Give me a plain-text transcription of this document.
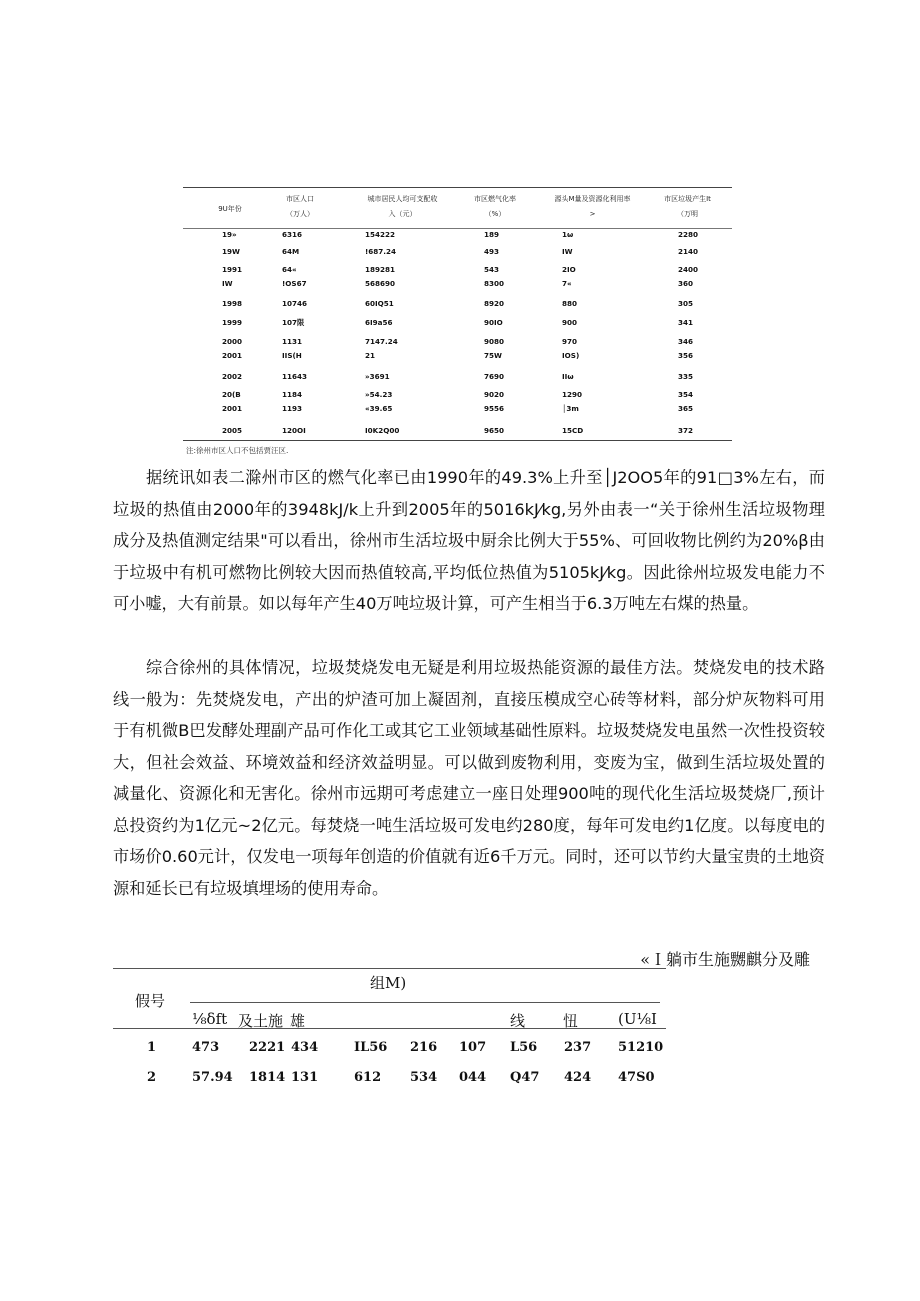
9U年份
市区人口
（万人）
城市居民人均可支配收
入（元）
市区燃气化率
（%）
源头M量及资源化利用率
>
市区垃圾产生It
（万明
19»	6316	154222	189	1ω	2280
19W	64M	!687.24	493	IW	2140
1991	64«	189281	543	2IO	2400
IW	!OS67	568690	8300	7«	360
1998	10746	60IQ51	8920	880	305
1999	107限	6I9a56	90IO	900	341
2000	1131	7147.24	9080	970	346
2001	IIS(H	21	75W	IOS)	356
2002	11643	»3691	7690	IIω	335
20(B	1184	»54.23	9020	1290	354
2001	1193	«39.65	9556	│3m	365
2005	120OI	I0K2Q00	9650	15CD	372
注:徐州市区人口不包括贾汪区.

据统讯如表二滁州市区的燃气化率已由1990年的49.3%上升至│J2OO5年的91□3%左右，而垃圾的热值由2000年的3948kJ/k上升到2005年的5016kJ⁄kg,另外由表一“关于徐州生活垃圾物理成分及热值测定结果"可以看出，徐州市生活垃圾中厨余比例大于55%、可回收物比例约为20%β由于垃圾中有机可燃物比例较大因而热值较高,平均低位热值为5105kJ⁄kg。因此徐州垃圾发电能力不可小嘘，大有前景。如以每年产生40万吨垃圾计算，可产生相当于6.3万吨左右煤的热量。

综合徐州的具体情况，垃圾焚烧发电无疑是利用垃圾热能资源的最佳方法。焚烧发电的技术路线一般为：先焚烧发电，产出的炉渣可加上凝固剂，直接压模成空心砖等材料，部分炉灰物料可用于有机微B巴发酵处理副产品可作化工或其它工业领域基础性原料。垃圾焚烧发电虽然一次性投资较大，但社会效益、环境效益和经济效益明显。可以做到废物利用，变废为宝，做到生活垃圾处置的减量化、资源化和无害化。徐州市远期可考虑建立一座日处理900吨的现代化生活垃圾焚烧厂,预计总投资约为1亿元~2亿元。每焚烧一吨生活垃圾可发电约280度，每年可发电约1亿度。以每度电的市场价0.60元计，仅发电一项每年创造的价值就有近6千万元。同时，还可以节约大量宝贵的土地资源和延长已有垃圾填埋场的使用寿命。

«Ｉ躺市生施嬲麒分及雕
组M)
假号
⅛δft 及土施 雄	线	忸	(U⅛I
1	473 2221 434	IL56 216 107 L56 237 51210
2	57.94 1814 131	612 534 044 Q47 424 47S0
